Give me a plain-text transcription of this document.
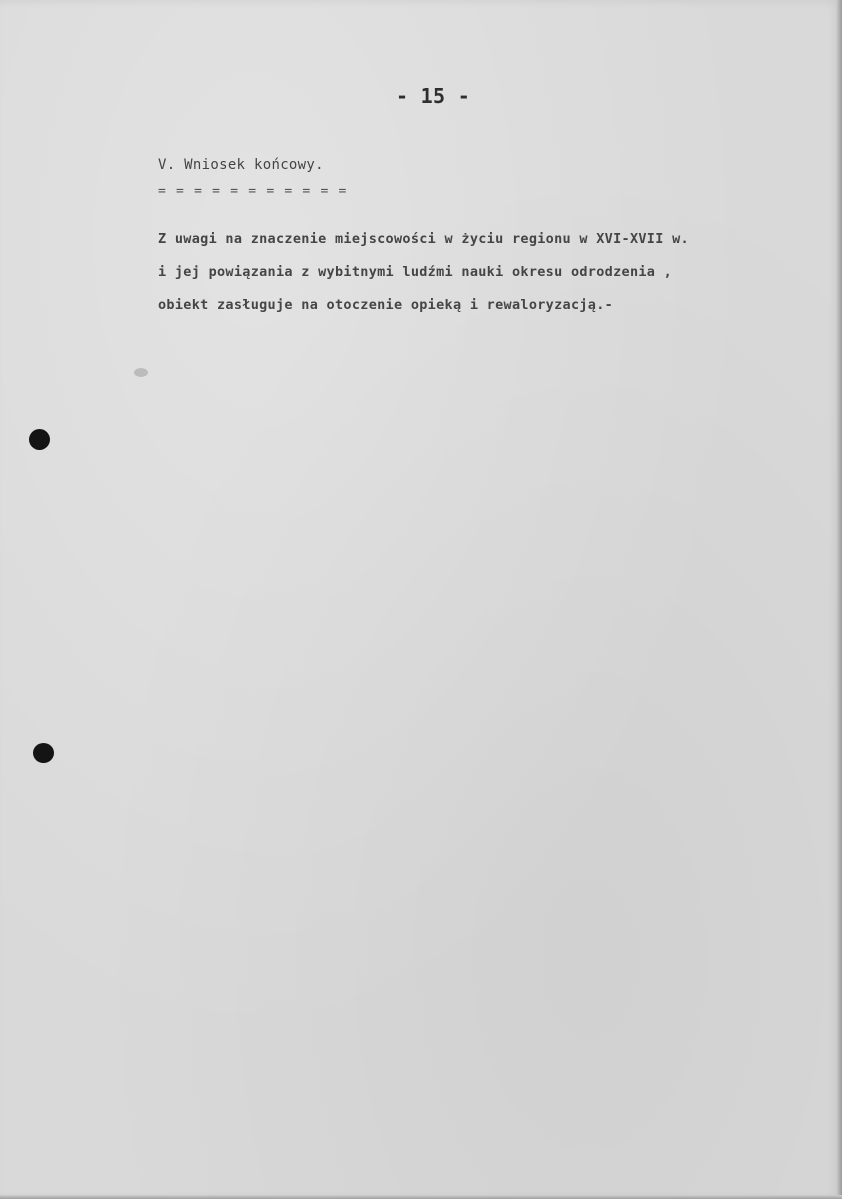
- 15 -
V. Wniosek końcowy.
= = = = = = = = = = =
Z uwagi na znaczenie miejscowości w życiu regionu w XVI-XVII w.
i jej powiązania z wybitnymi ludźmi nauki okresu odrodzenia ,
obiekt zasługuje na otoczenie opieką i rewaloryzacją.-
